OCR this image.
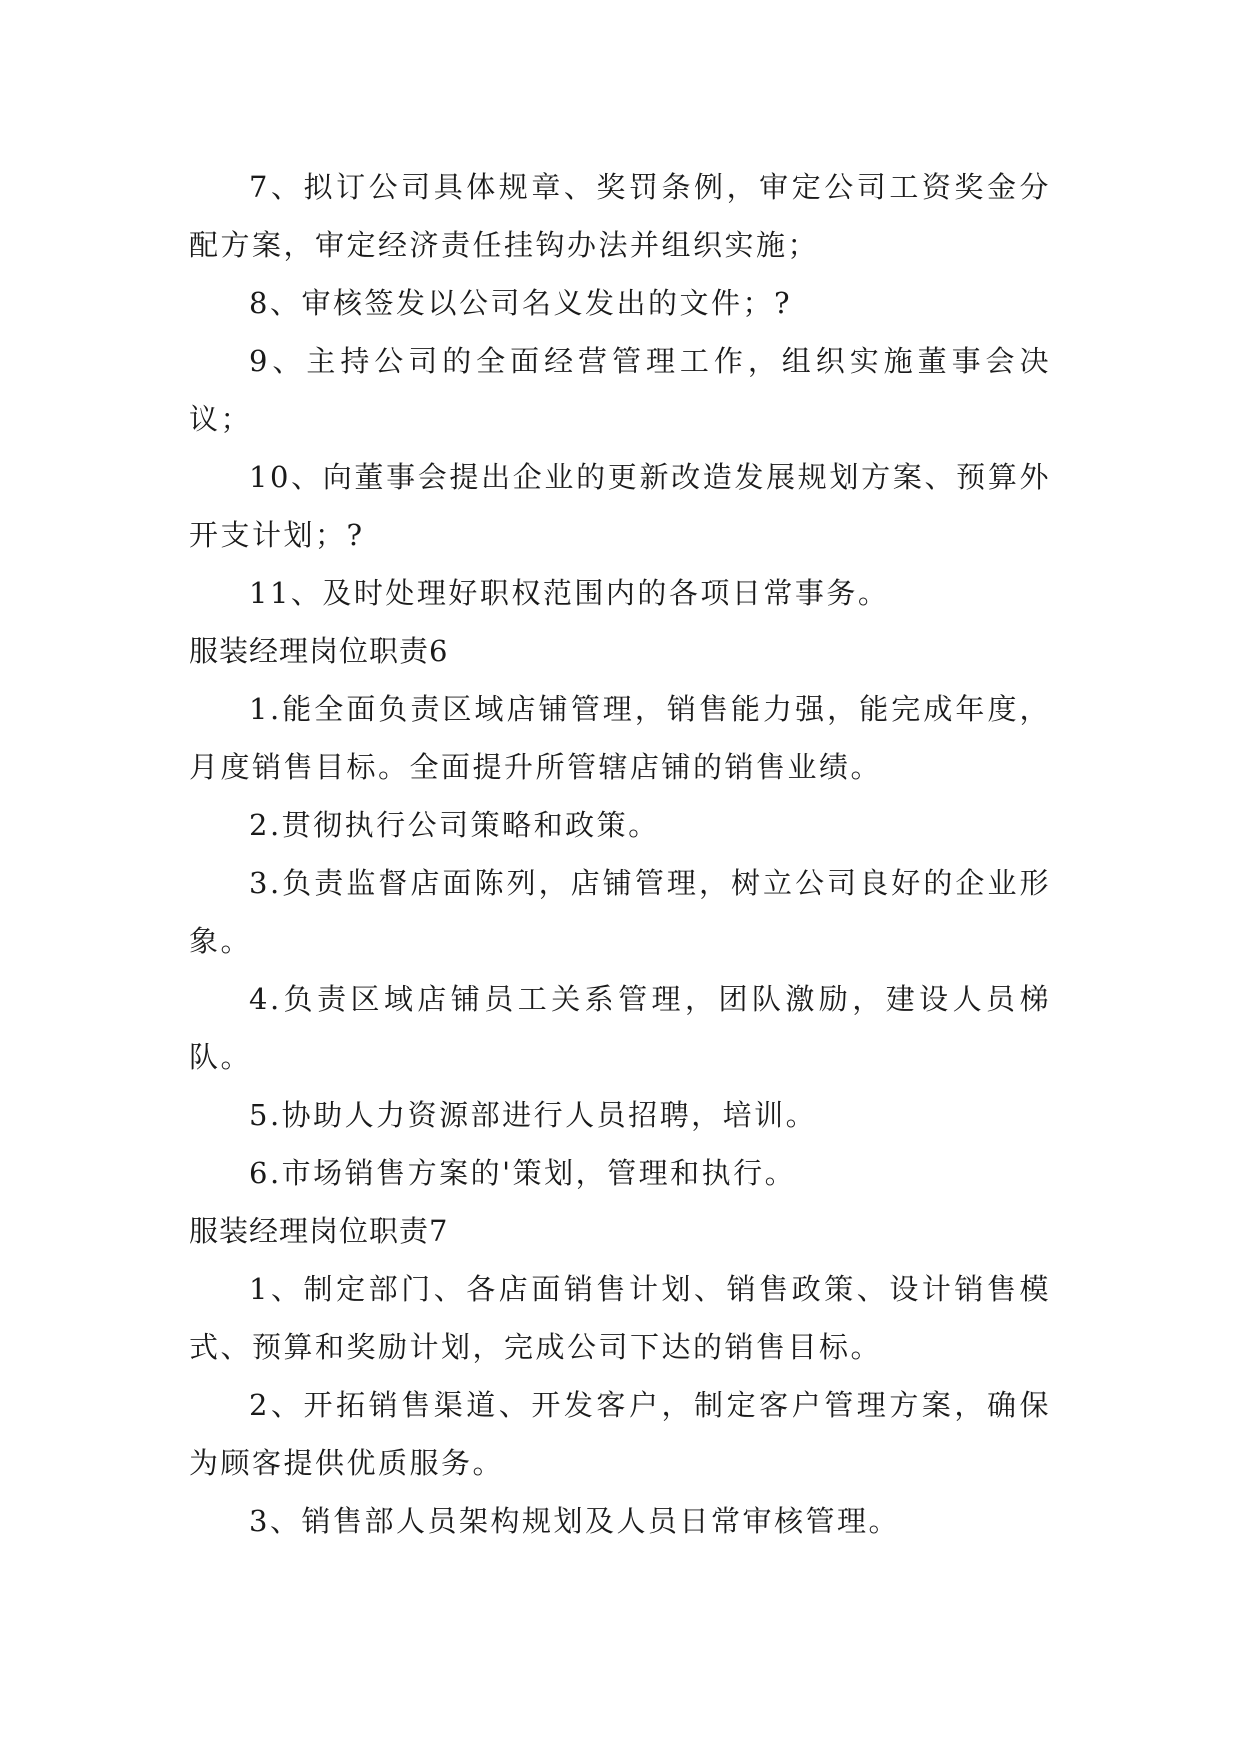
7、拟订公司具体规章、奖罚条例，审定公司工资奖金分配方案，审定经济责任挂钩办法并组织实施；

8、审核签发以公司名义发出的文件；?

9、主持公司的全面经营管理工作，组织实施董事会决议；

10、向董事会提出企业的更新改造发展规划方案、预算外开支计划；?

11、及时处理好职权范围内的各项日常事务。

服装经理岗位职责6

1.能全面负责区域店铺管理，销售能力强，能完成年度，月度销售目标。全面提升所管辖店铺的销售业绩。

2.贯彻执行公司策略和政策。

3.负责监督店面陈列，店铺管理，树立公司良好的企业形象。

4.负责区域店铺员工关系管理，团队激励，建设人员梯队。

5.协助人力资源部进行人员招聘，培训。

6.市场销售方案的'策划，管理和执行。

服装经理岗位职责7

1、制定部门、各店面销售计划、销售政策、设计销售模式、预算和奖励计划，完成公司下达的销售目标。

2、开拓销售渠道、开发客户，制定客户管理方案，确保为顾客提供优质服务。

3、销售部人员架构规划及人员日常审核管理。
